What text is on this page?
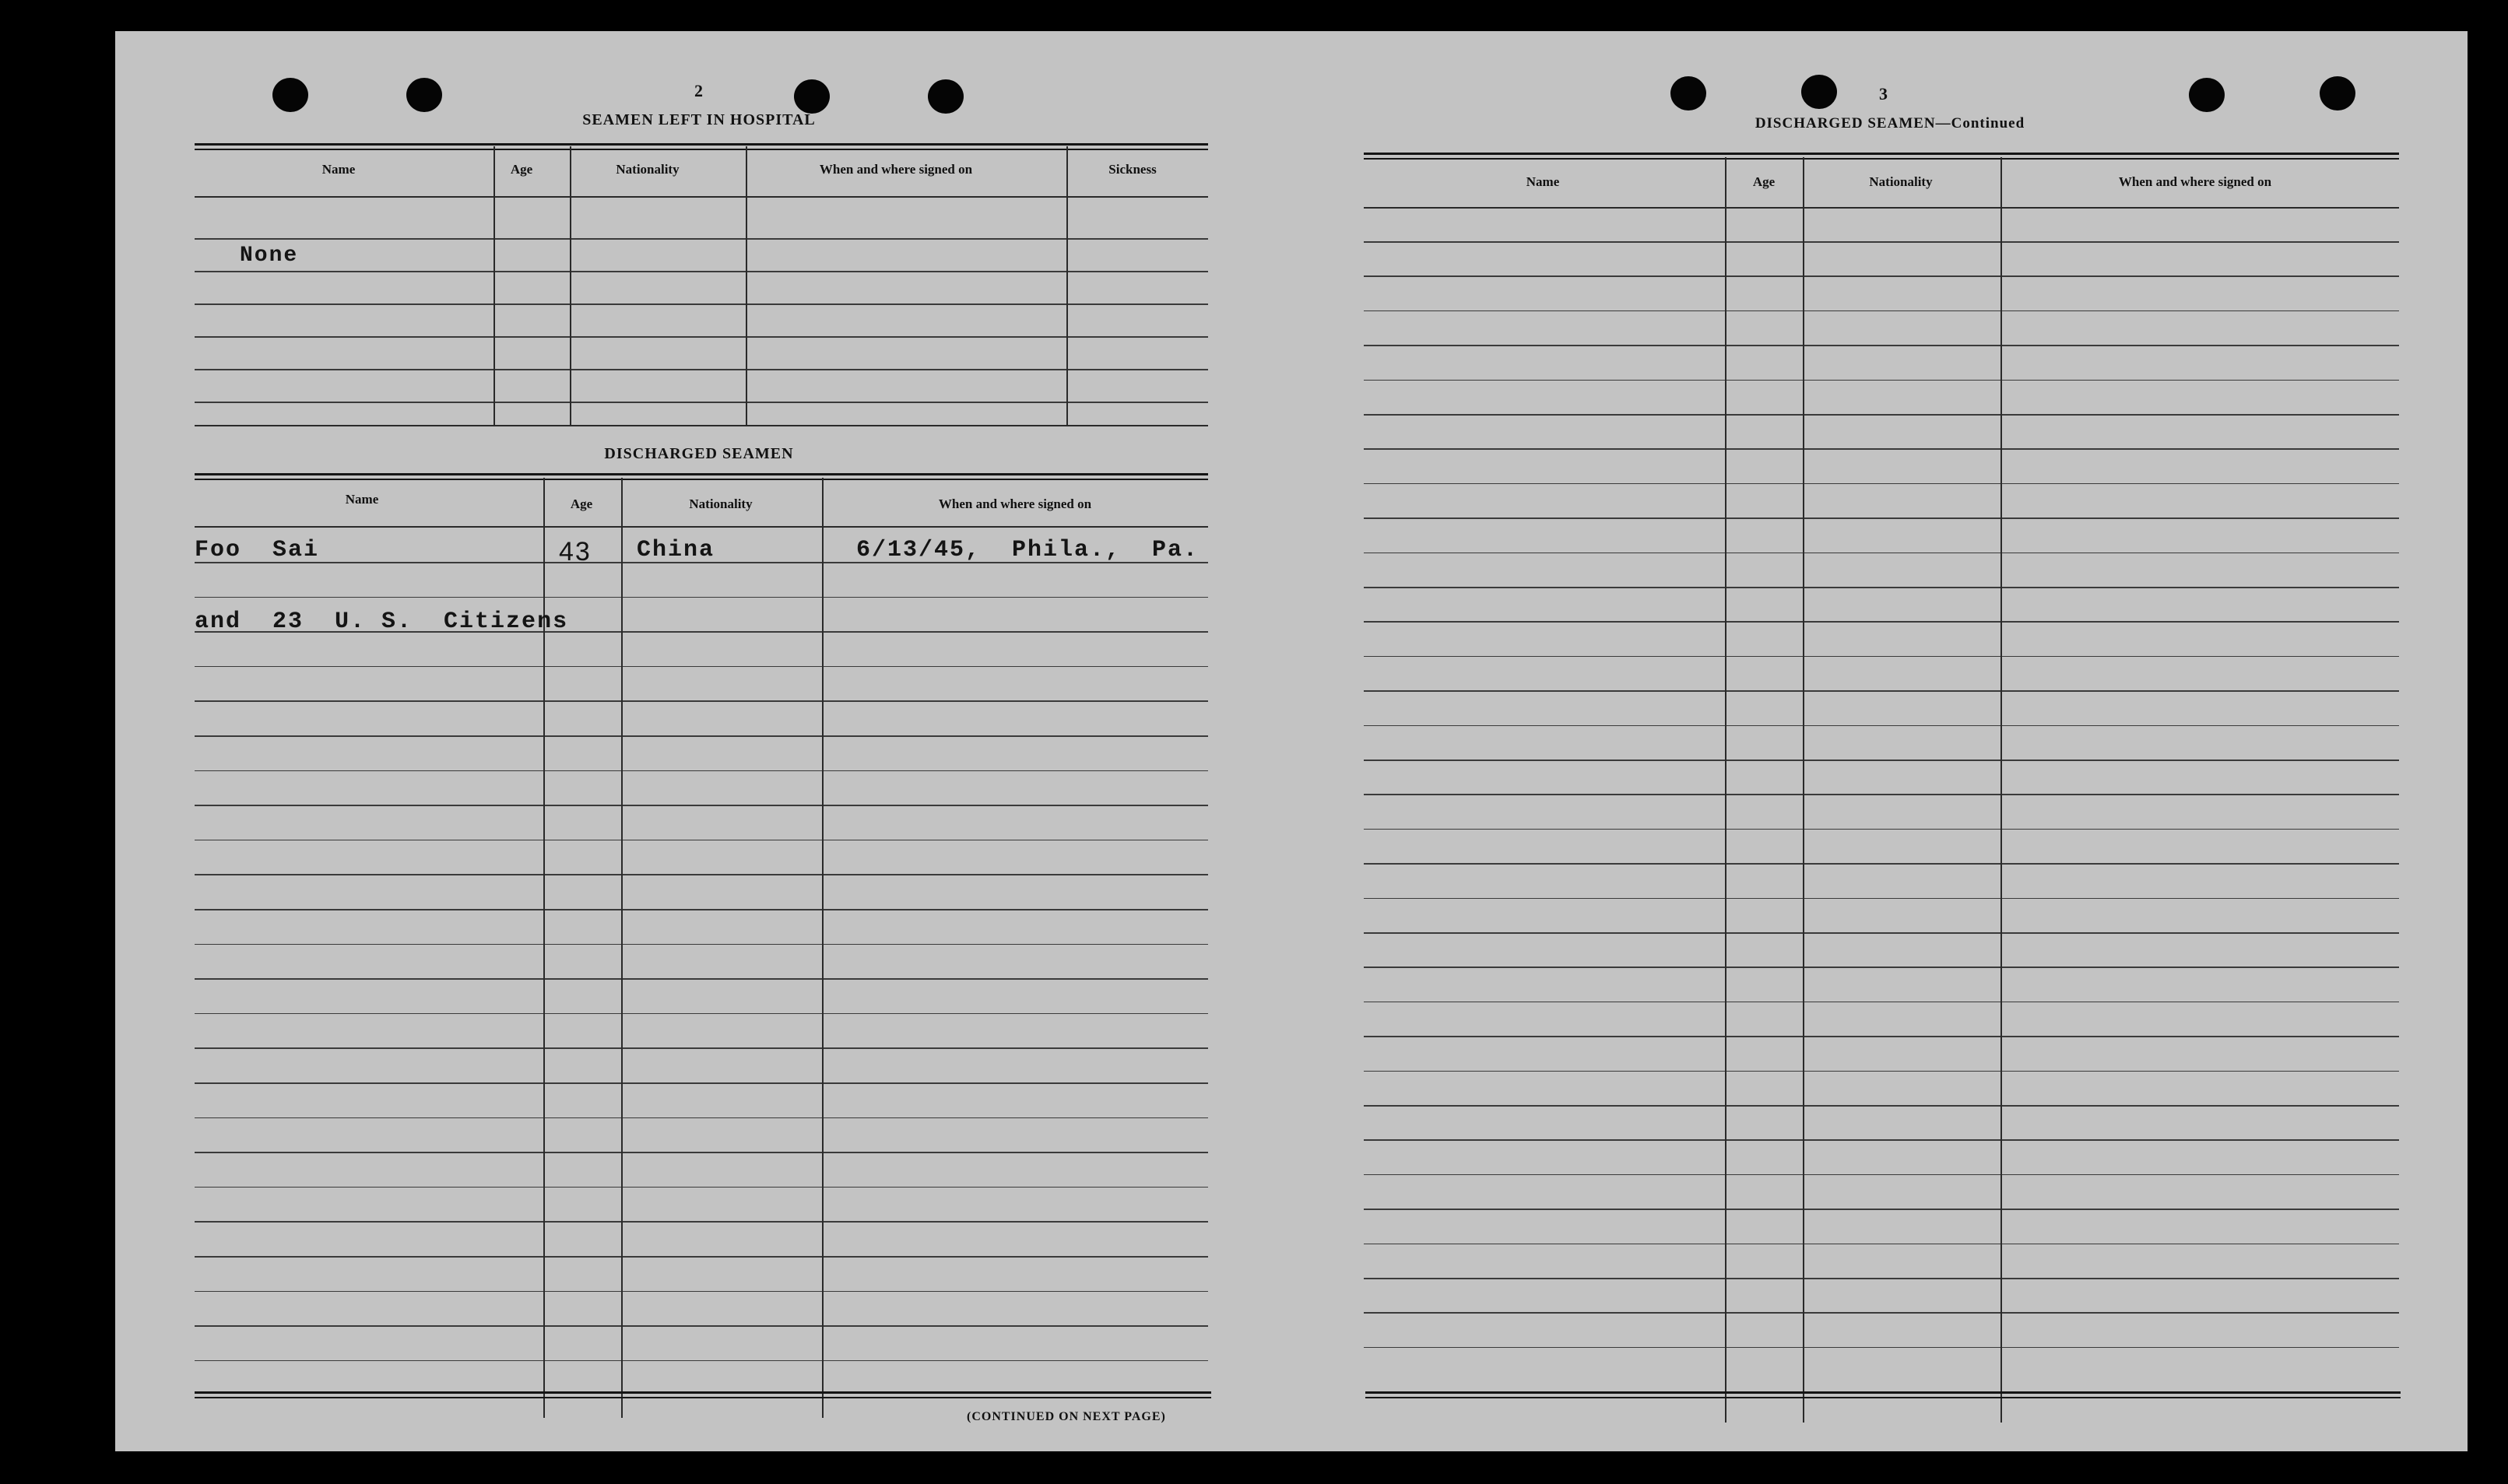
2
SEAMEN LEFT IN HOSPITAL
Name	Age	Nationality	When and where signed on	Sickness
None
DISCHARGED SEAMEN
Name	Age	Nationality	When and where signed on
Foo  Sai	43 China	6/13/45,  Phila.,  Pa.
and  23  U. S.  Citizens
(CONTINUED ON NEXT PAGE)
3
DISCHARGED SEAMEN—Continued
Name	Age	Nationality	When and where signed on
